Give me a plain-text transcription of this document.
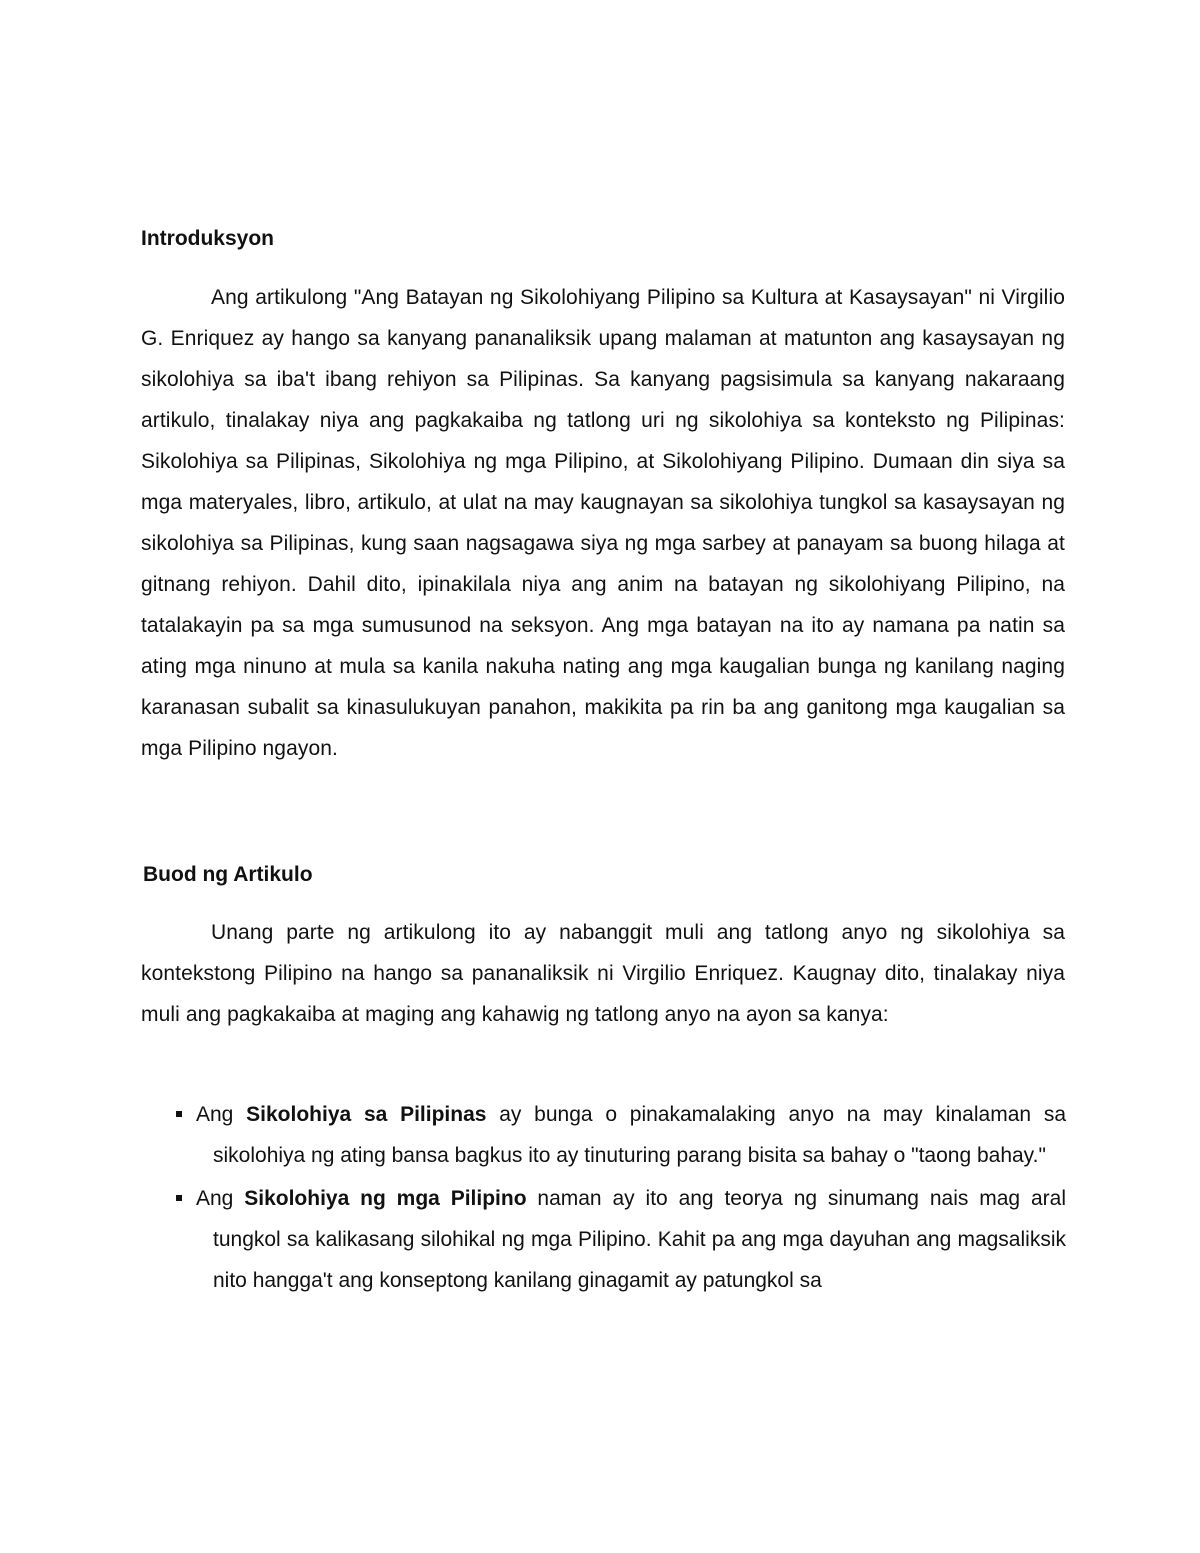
Introduksyon

Ang artikulong "Ang Batayan ng Sikolohiyang Pilipino sa Kultura at Kasaysayan" ni Virgilio G. Enriquez ay hango sa kanyang pananaliksik upang malaman at matunton ang kasaysayan ng sikolohiya sa iba't ibang rehiyon sa Pilipinas. Sa kanyang pagsisimula sa kanyang nakaraang artikulo, tinalakay niya ang pagkakaiba ng tatlong uri ng sikolohiya sa konteksto ng Pilipinas: Sikolohiya sa Pilipinas, Sikolohiya ng mga Pilipino, at Sikolohiyang Pilipino. Dumaan din siya sa mga materyales, libro, artikulo, at ulat na may kaugnayan sa sikolohiya tungkol sa kasaysayan ng sikolohiya sa Pilipinas, kung saan nagsagawa siya ng mga sarbey at panayam sa buong hilaga at gitnang rehiyon. Dahil dito, ipinakilala niya ang anim na batayan ng sikolohiyang Pilipino, na tatalakayin pa sa mga sumusunod na seksyon. Ang mga batayan na ito ay namana pa natin sa ating mga ninuno at mula sa kanila nakuha nating ang mga kaugalian bunga ng kanilang naging karanasan subalit sa kinasulukuyan panahon, makikita pa rin ba ang ganitong mga kaugalian sa mga Pilipino ngayon.

Buod ng Artikulo

Unang parte ng artikulong ito ay nabanggit muli ang tatlong anyo ng sikolohiya sa kontekstong Pilipino na hango sa pananaliksik ni Virgilio Enriquez. Kaugnay dito, tinalakay niya muli ang pagkakaiba at maging ang kahawig ng tatlong anyo na ayon sa kanya:

Ang Sikolohiya sa Pilipinas ay bunga o pinakamalaking anyo na may kinalaman sa sikolohiya ng ating bansa bagkus ito ay tinuturing parang bisita sa bahay o "taong bahay."
Ang Sikolohiya ng mga Pilipino naman ay ito ang teorya ng sinumang nais mag aral tungkol sa kalikasang silohikal ng mga Pilipino. Kahit pa ang mga dayuhan ang magsaliksik nito hangga't ang konseptong kanilang ginagamit ay patungkol sa
